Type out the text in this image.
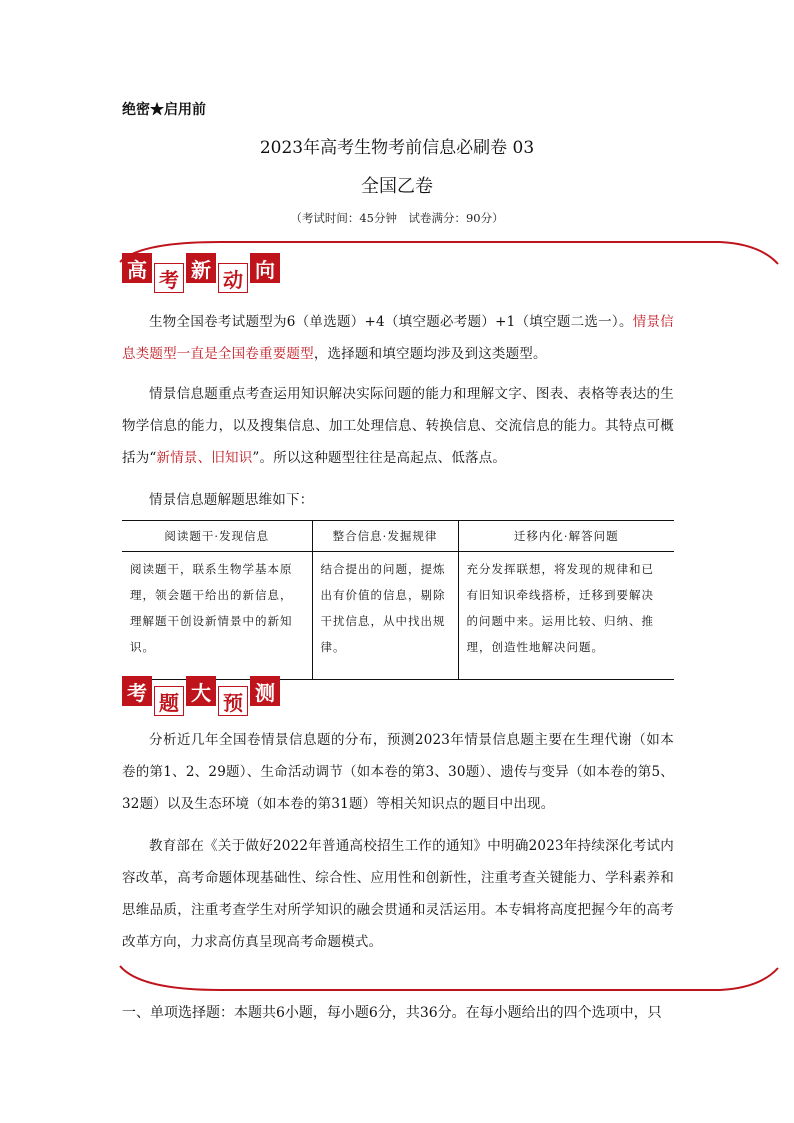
绝密★启用前
2023年高考生物考前信息必刷卷 03
全国乙卷
（考试时间：45分钟　试卷满分：90分）
高 考 新 动 向
生物全国卷考试题型为6（单选题）+4（填空题必考题）+1（填空题二选一）。情景信息类题型一直是全国卷重要题型，选择题和填空题均涉及到这类题型。
情景信息题重点考查运用知识解决实际问题的能力和理解文字、图表、表格等表达的生物学信息的能力，以及搜集信息、加工处理信息、转换信息、交流信息的能力。其特点可概括为“新情景、旧知识”。所以这种题型往往是高起点、低落点。
情景信息题解题思维如下：
阅读题干·发现信息	整合信息·发掘规律	迁移内化·解答问题
阅读题干，联系生物学基本原理，领会题干给出的新信息，理解题干创设新情景中的新知识。	结合提出的问题，提炼出有价值的信息，剔除干扰信息，从中找出规律。	充分发挥联想，将发现的规律和已有旧知识牵线搭桥，迁移到要解决的问题中来。运用比较、归纳、推理，创造性地解决问题。
考 题 大 预 测
分析近几年全国卷情景信息题的分布，预测2023年情景信息题主要在生理代谢（如本卷的第1、2、29题）、生命活动调节（如本卷的第3、30题）、遗传与变异（如本卷的第5、32题）以及生态环境（如本卷的第31题）等相关知识点的题目中出现。
教育部在《关于做好2022年普通高校招生工作的通知》中明确2023年持续深化考试内容改革，高考命题体现基础性、综合性、应用性和创新性，注重考查关键能力、学科素养和思维品质，注重考查学生对所学知识的融会贯通和灵活运用。本专辑将高度把握今年的高考改革方向，力求高仿真呈现高考命题模式。
一、单项选择题：本题共6小题，每小题6分，共36分。在每小题给出的四个选项中，只
